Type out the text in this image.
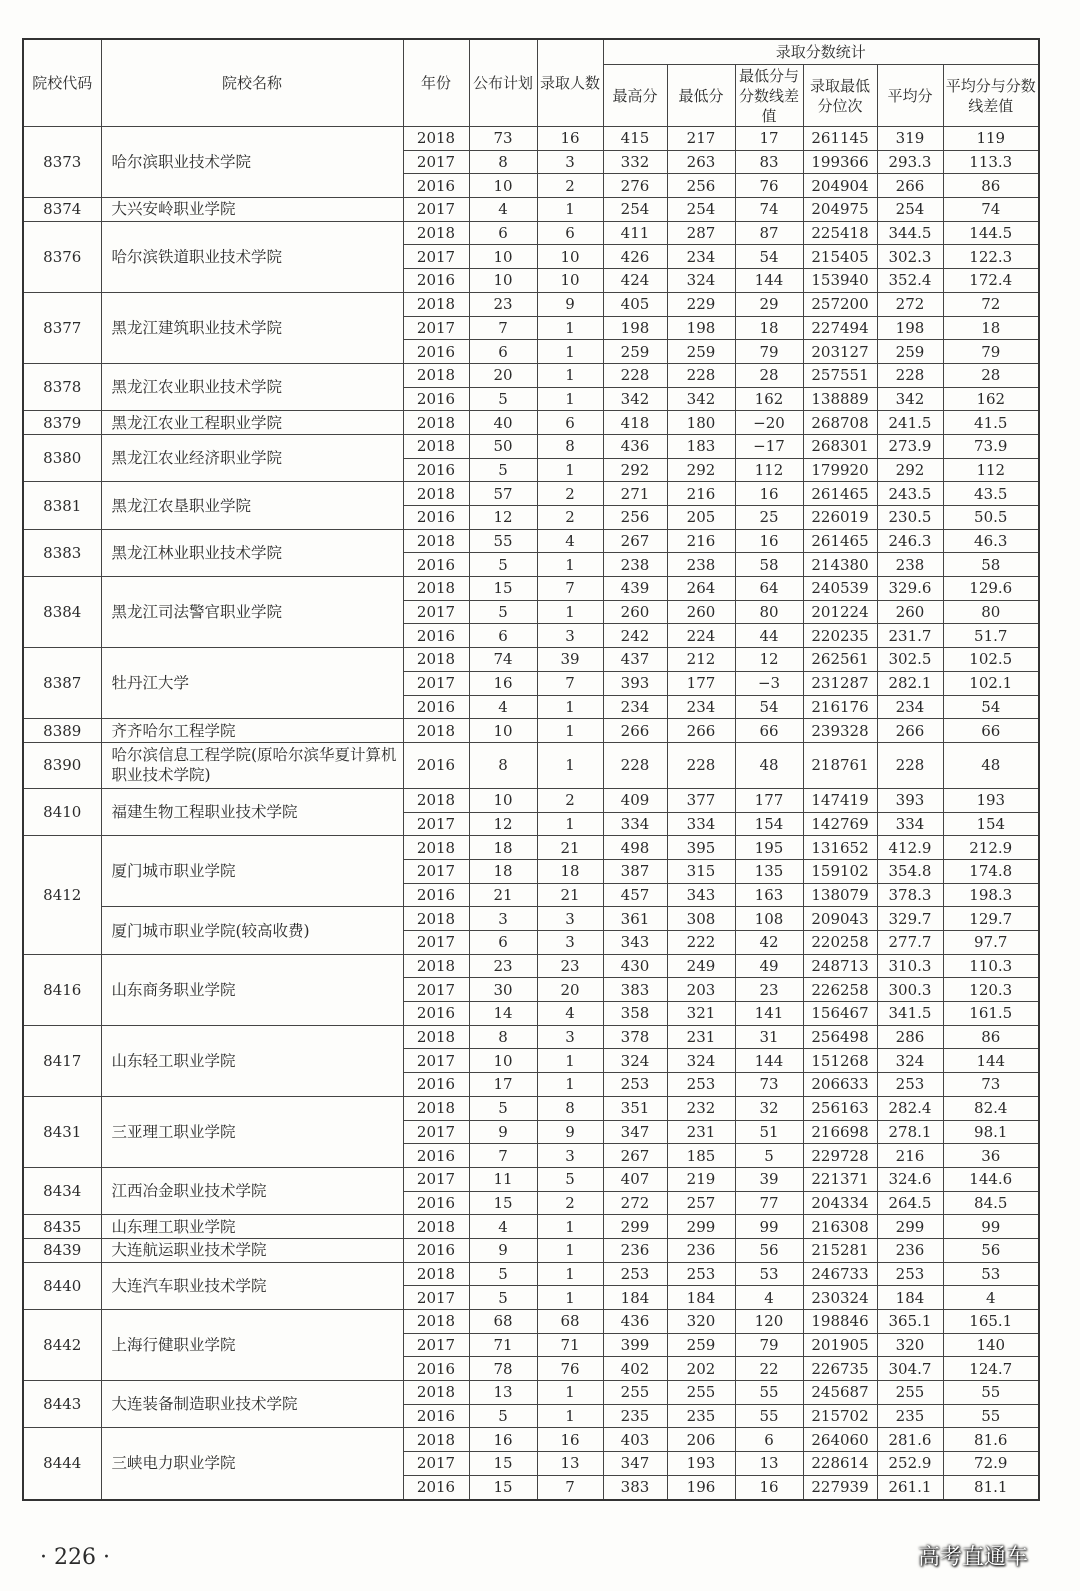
院校代码	院校名称	年份	公布计划	录取人数	录取分数统计					
					最高分	最低分	最低分与分数线差值	录取最低分位次	平均分	平均分与分数线差值
8373	哈尔滨职业技术学院	2018	73	16	415	217	17	261145	319	119
		2017	8	3	332	263	83	199366	293.3	113.3
		2016	10	2	276	256	76	204904	266	86
8374	大兴安岭职业学院	2017	4	1	254	254	74	204975	254	74
8376	哈尔滨铁道职业技术学院	2018	6	6	411	287	87	225418	344.5	144.5
		2017	10	10	426	234	54	215405	302.3	122.3
		2016	10	10	424	324	144	153940	352.4	172.4
8377	黑龙江建筑职业技术学院	2018	23	9	405	229	29	257200	272	72
		2017	7	1	198	198	18	227494	198	18
		2016	6	1	259	259	79	203127	259	79
8378	黑龙江农业职业技术学院	2018	20	1	228	228	28	257551	228	28
		2016	5	1	342	342	162	138889	342	162
8379	黑龙江农业工程职业学院	2018	40	6	418	180	−20	268708	241.5	41.5
8380	黑龙江农业经济职业学院	2018	50	8	436	183	−17	268301	273.9	73.9
		2016	5	1	292	292	112	179920	292	112
8381	黑龙江农垦职业学院	2018	57	2	271	216	16	261465	243.5	43.5
		2016	12	2	256	205	25	226019	230.5	50.5
8383	黑龙江林业职业技术学院	2018	55	4	267	216	16	261465	246.3	46.3
		2016	5	1	238	238	58	214380	238	58
8384	黑龙江司法警官职业学院	2018	15	7	439	264	64	240539	329.6	129.6
		2017	5	1	260	260	80	201224	260	80
		2016	6	3	242	224	44	220235	231.7	51.7
8387	牡丹江大学	2018	74	39	437	212	12	262561	302.5	102.5
		2017	16	7	393	177	−3	231287	282.1	102.1
		2016	4	1	234	234	54	216176	234	54
8389	齐齐哈尔工程学院	2018	10	1	266	266	66	239328	266	66
8390	哈尔滨信息工程学院(原哈尔滨华夏计算机职业技术学院)	2016	8	1	228	228	48	218761	228	48
8410	福建生物工程职业技术学院	2018	10	2	409	377	177	147419	393	193
		2017	12	1	334	334	154	142769	334	154
8412	厦门城市职业学院	2018	18	21	498	395	195	131652	412.9	212.9
		2017	18	18	387	315	135	159102	354.8	174.8
		2016	21	21	457	343	163	138079	378.3	198.3
	厦门城市职业学院(较高收费)	2018	3	3	361	308	108	209043	329.7	129.7
		2017	6	3	343	222	42	220258	277.7	97.7
8416	山东商务职业学院	2018	23	23	430	249	49	248713	310.3	110.3
		2017	30	20	383	203	23	226258	300.3	120.3
		2016	14	4	358	321	141	156467	341.5	161.5
8417	山东轻工职业学院	2018	8	3	378	231	31	256498	286	86
		2017	10	1	324	324	144	151268	324	144
		2016	17	1	253	253	73	206633	253	73
8431	三亚理工职业学院	2018	5	8	351	232	32	256163	282.4	82.4
		2017	9	9	347	231	51	216698	278.1	98.1
		2016	7	3	267	185	5	229728	216	36
8434	江西冶金职业技术学院	2017	11	5	407	219	39	221371	324.6	144.6
		2016	15	2	272	257	77	204334	264.5	84.5
8435	山东理工职业学院	2018	4	1	299	299	99	216308	299	99
8439	大连航运职业技术学院	2016	9	1	236	236	56	215281	236	56
8440	大连汽车职业技术学院	2018	5	1	253	253	53	246733	253	53
		2017	5	1	184	184	4	230324	184	4
8442	上海行健职业学院	2018	68	68	436	320	120	198846	365.1	165.1
		2017	71	71	399	259	79	201905	320	140
		2016	78	76	402	202	22	226735	304.7	124.7
8443	大连装备制造职业技术学院	2018	13	1	255	255	55	245687	255	55
		2016	5	1	235	235	55	215702	235	55
8444	三峡电力职业学院	2018	16	16	403	206	6	264060	281.6	81.6
		2017	15	13	347	193	13	228614	252.9	72.9
		2016	15	7	383	196	16	227939	261.1	81.1
· 226 ·	高考直通车
